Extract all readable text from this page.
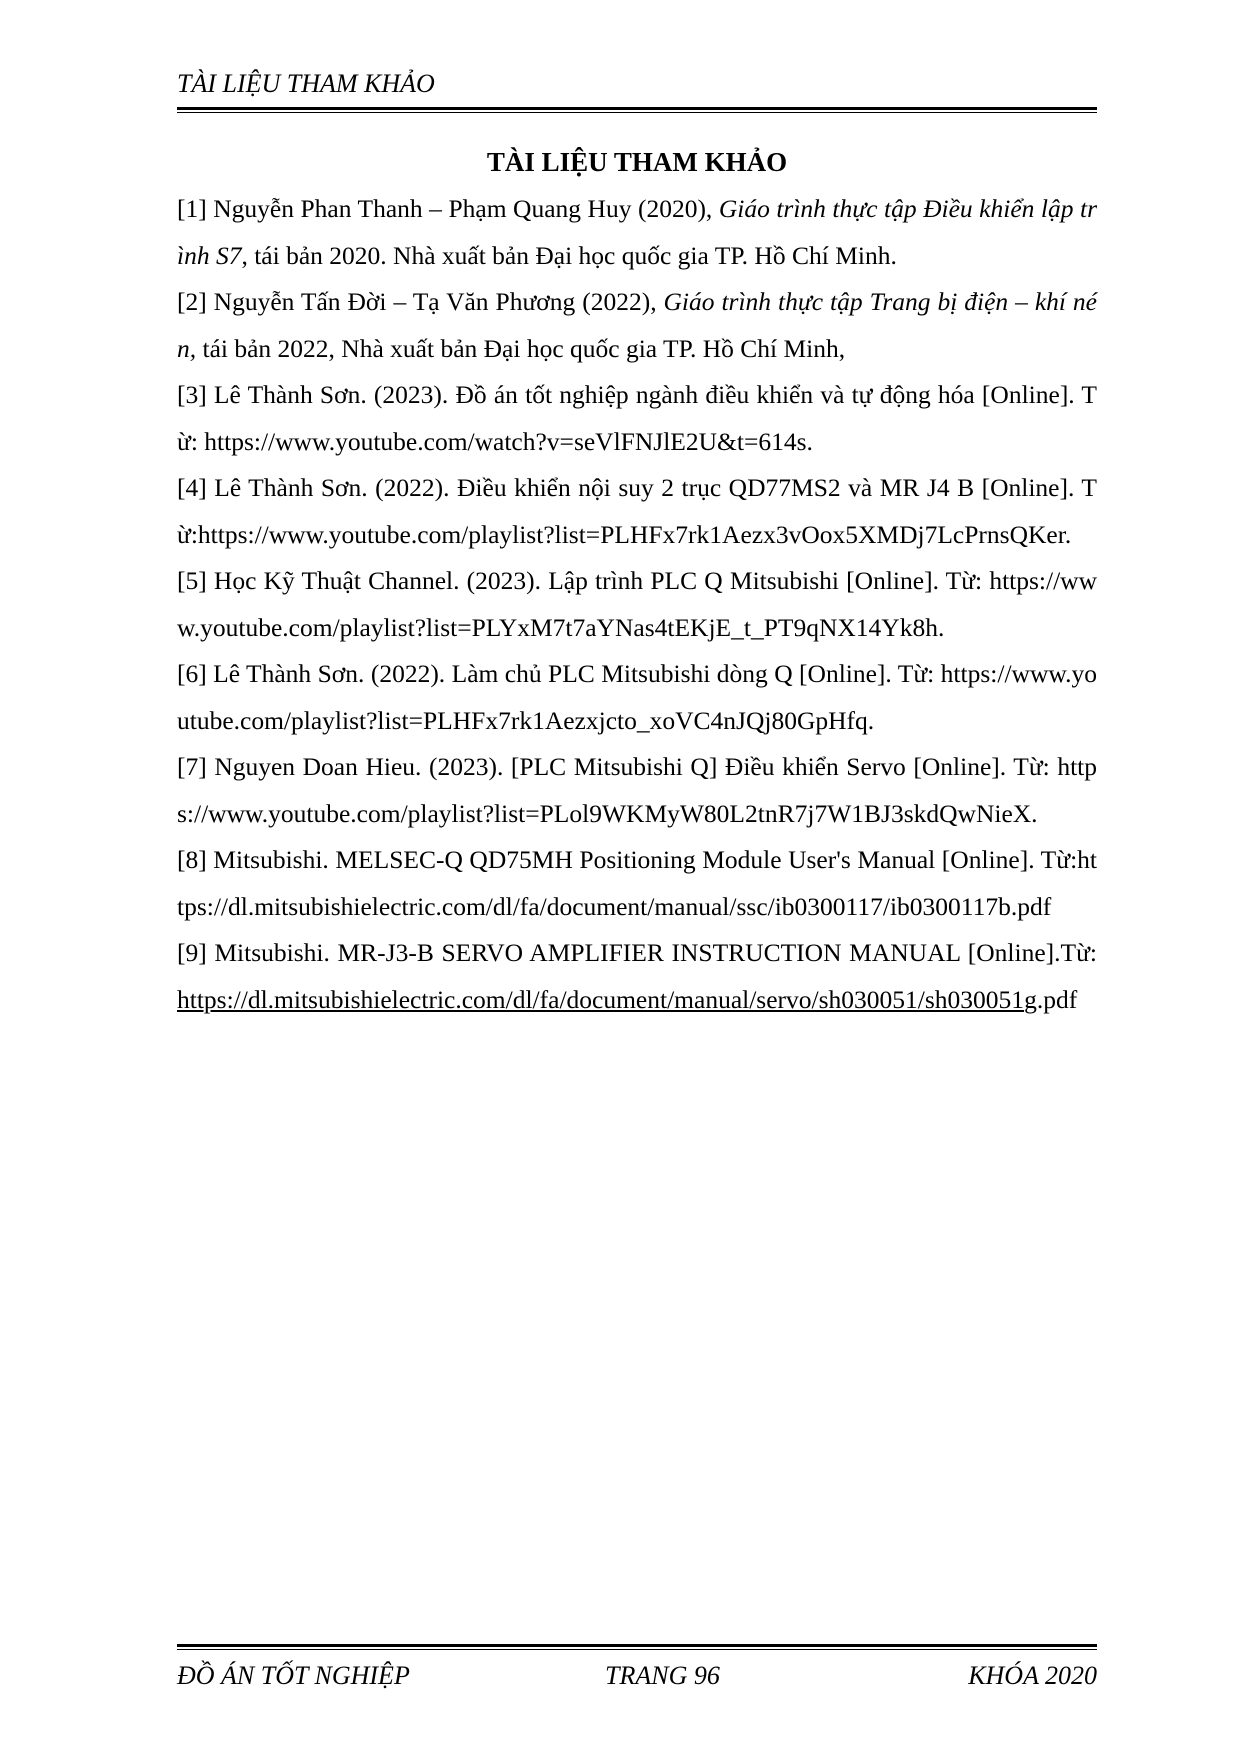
TÀI LIỆU THAM KHẢO

TÀI LIỆU THAM KHẢO

[1] Nguyễn Phan Thanh – Phạm Quang Huy (2020), Giáo trình thực tập Điều khiển lập trình S7, tái bản 2020. Nhà xuất bản Đại học quốc gia TP. Hồ Chí Minh.

[2] Nguyễn Tấn Đời – Tạ Văn Phương (2022), Giáo trình thực tập Trang bị điện – khí nén, tái bản 2022, Nhà xuất bản Đại học quốc gia TP. Hồ Chí Minh,

[3] Lê Thành Sơn. (2023). Đồ án tốt nghiệp ngành điều khiển và tự động hóa [Online]. Từ: https://www.youtube.com/watch?v=seVlFNJlE2U&t=614s.

[4] Lê Thành Sơn. (2022). Điều khiển nội suy 2 trục QD77MS2 và MR J4 B [Online]. Từ:https://www.youtube.com/playlist?list=PLHFx7rk1Aezx3vOox5XMDj7LcPrnsQKer.

[5] Học Kỹ Thuật Channel. (2023). Lập trình PLC Q Mitsubishi [Online]. Từ: https://www.youtube.com/playlist?list=PLYxM7t7aYNas4tEKjE_t_PT9qNX14Yk8h.

[6] Lê Thành Sơn. (2022). Làm chủ PLC Mitsubishi dòng Q [Online]. Từ: https://www.youtube.com/playlist?list=PLHFx7rk1Aezxjcto_xoVC4nJQj80GpHfq.

[7] Nguyen Doan Hieu. (2023). [PLC Mitsubishi Q] Điều khiển Servo [Online]. Từ: https://www.youtube.com/playlist?list=PLol9WKMyW80L2tnR7j7W1BJ3skdQwNieX.

[8] Mitsubishi. MELSEC-Q QD75MH Positioning Module User's Manual [Online]. Từ:https://dl.mitsubishielectric.com/dl/fa/document/manual/ssc/ib0300117/ib0300117b.pdf

[9] Mitsubishi. MR-J3-B SERVO AMPLIFIER INSTRUCTION MANUAL [Online].Từ:https://dl.mitsubishielectric.com/dl/fa/document/manual/servo/sh030051/sh030051g.pdf

ĐỒ ÁN TỐT NGHIỆP	TRANG 96	KHÓA 2020
